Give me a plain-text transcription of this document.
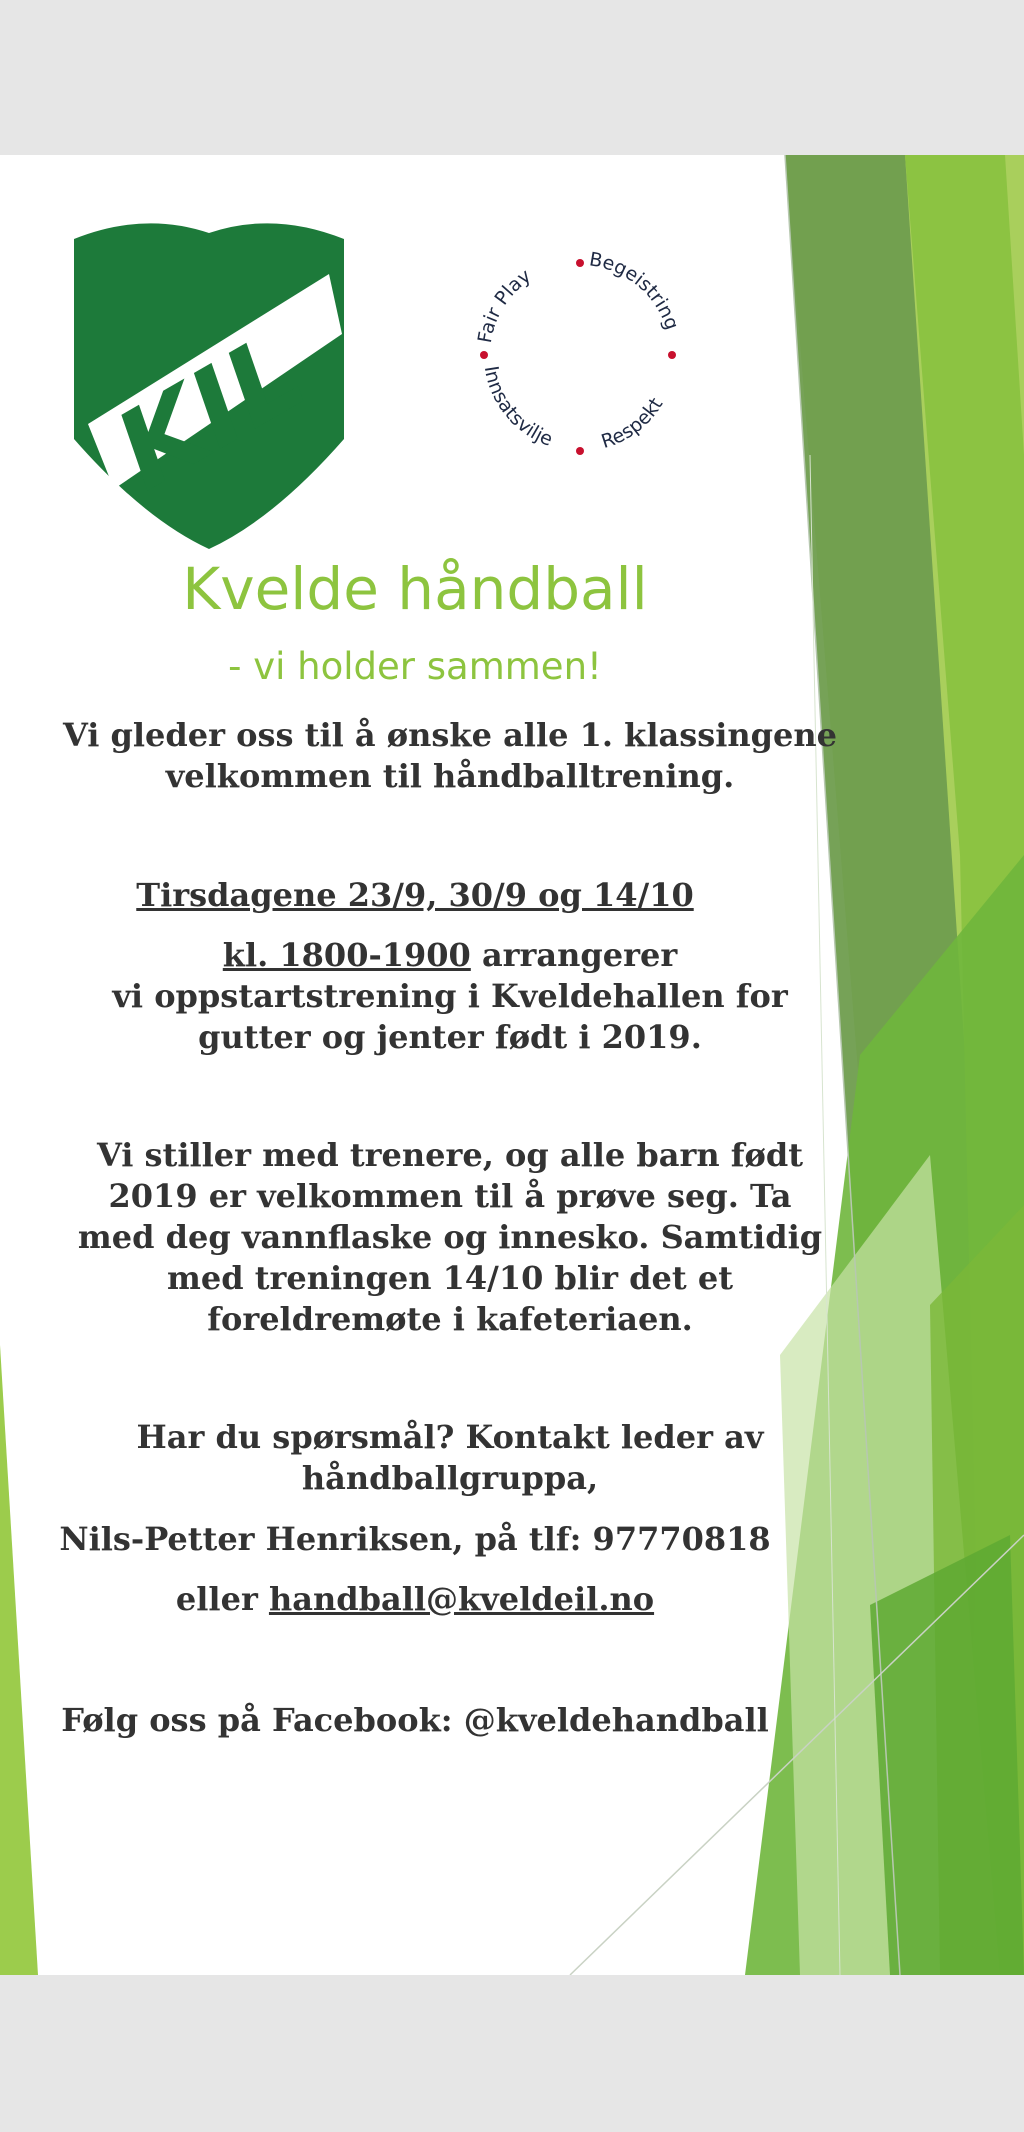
KIL	Fair Play
Begeistring
Respekt
Innsatsvilje
Kvelde håndball
- vi holder sammen!
Vi gleder oss til å ønske alle 1. klassingene
velkommen til håndballtrening.
Tirsdagene 23/9, 30/9 og 14/10
kl. 1800-1900 arrangerer
vi oppstartstrening i Kveldehallen for
gutter og jenter født i 2019.
Vi stiller med trenere, og alle barn født
2019 er velkommen til å prøve seg. Ta
med deg vannflaske og innesko. Samtidig
med treningen 14/10 blir det et
foreldremøte i kafeteriaen.
Har du spørsmål? Kontakt leder av
håndballgruppa,
Nils-Petter Henriksen, på tlf: 97770818
eller handball@kveldeil.no
Følg oss på Facebook: @kveldehandball
